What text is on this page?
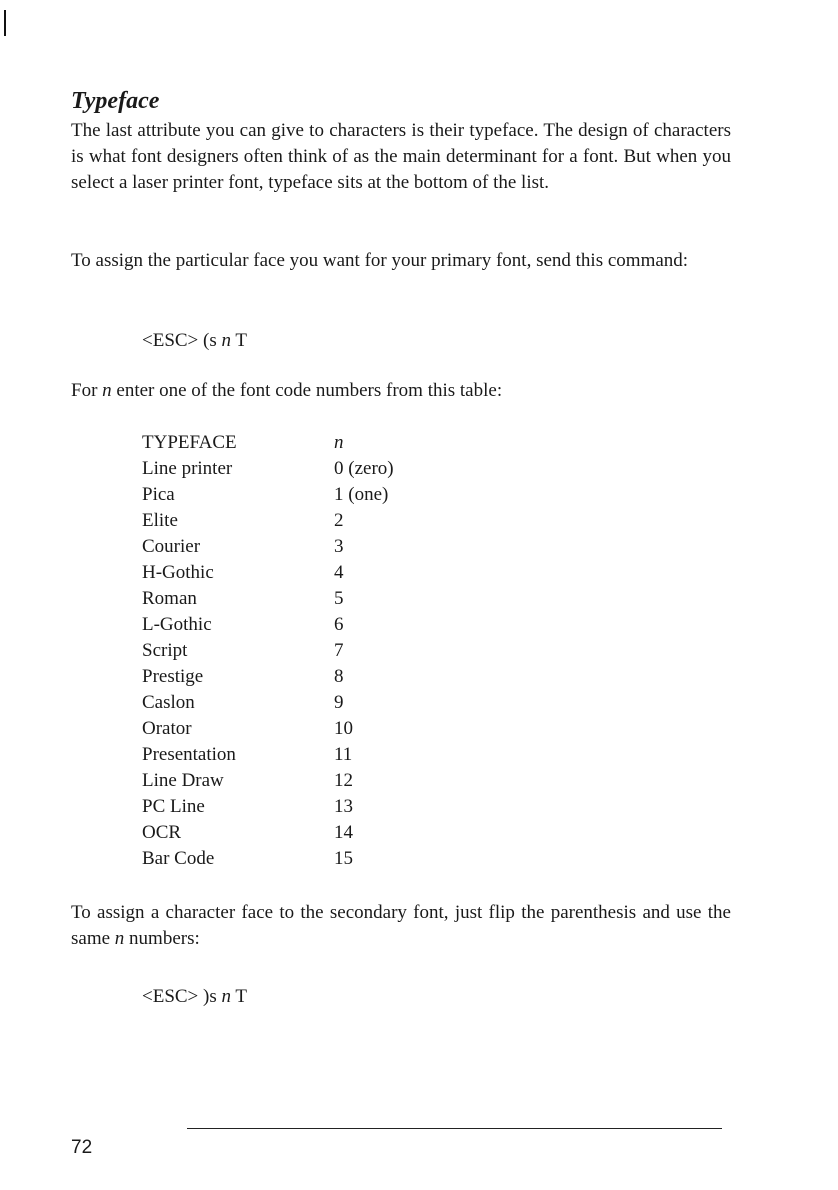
Typeface

The last attribute you can give to characters is their typeface. The design of characters is what font designers often think of as the main determinant for a font. But when you select a laser printer font, typeface sits at the bottom of the list.

To assign the particular face you want for your primary font, send this command:

<ESC> (s n T

For n enter one of the font code numbers from this table:

TYPEFACE	n
Line printer	0 (zero)
Pica	1 (one)
Elite	2
Courier	3
H-Gothic	4
Roman	5
L-Gothic	6
Script	7
Prestige	8
Caslon	9
Orator	10
Presentation	11
Line Draw	12
PC Line	13
OCR	14
Bar Code	15

To assign a character face to the secondary font, just flip the parenthesis and use the same n numbers:

<ESC> )s n T

72
